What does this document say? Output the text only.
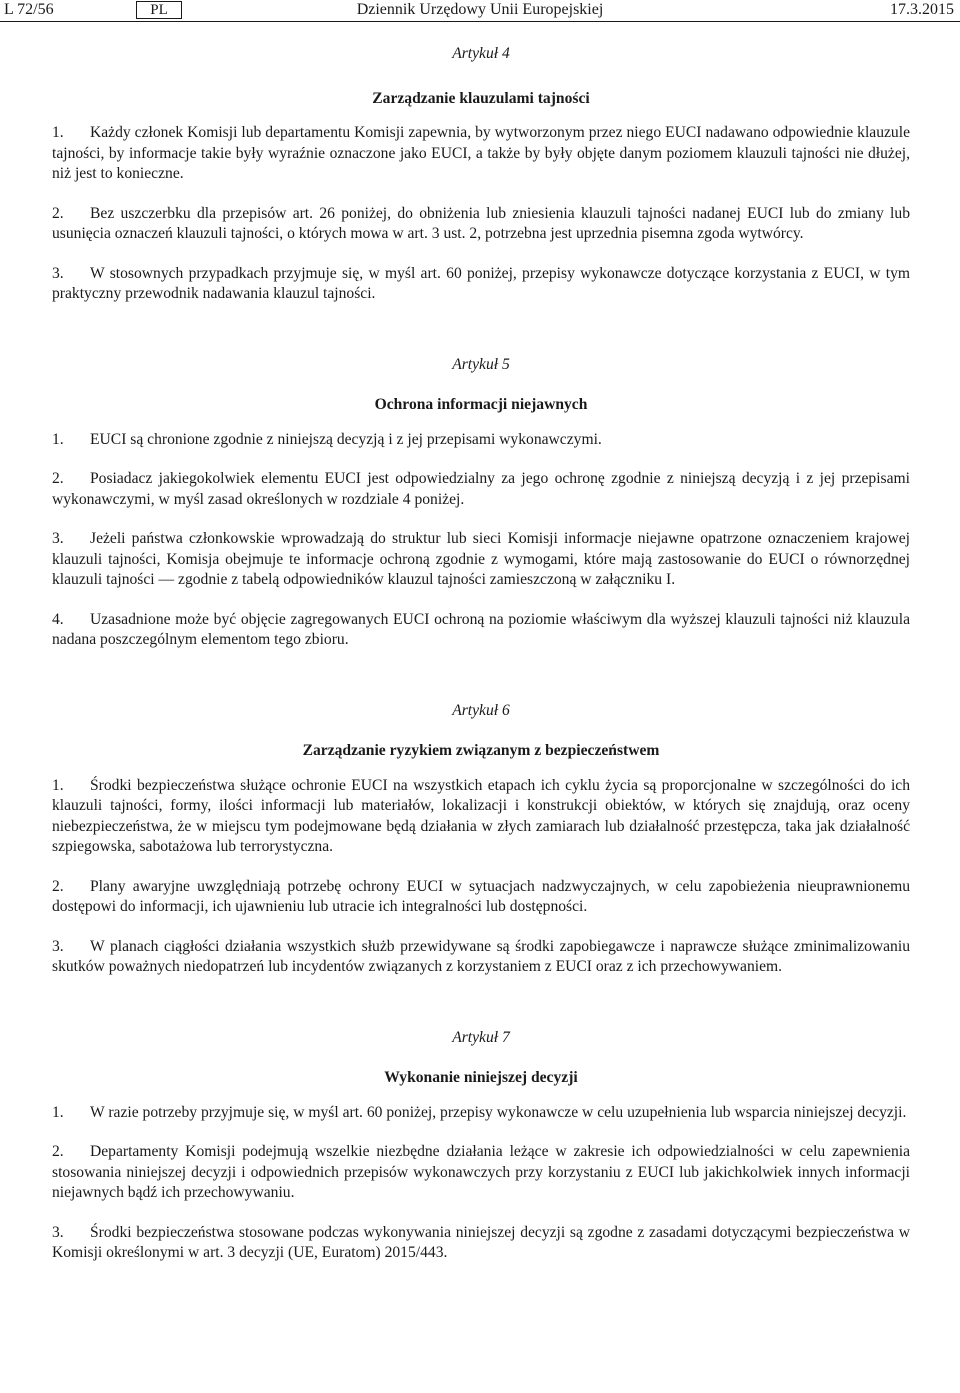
L 72/56	PL	Dziennik Urzędowy Unii Europejskiej	17.3.2015

Artykuł 4

Zarządzanie klauzulami tajności

1. Każdy członek Komisji lub departamentu Komisji zapewnia, by wytworzonym przez niego EUCI nadawano odpowiednie klauzule tajności, by informacje takie były wyraźnie oznaczone jako EUCI, a także by były objęte danym poziomem klauzuli tajności nie dłużej, niż jest to konieczne.

2. Bez uszczerbku dla przepisów art. 26 poniżej, do obniżenia lub zniesienia klauzuli tajności nadanej EUCI lub do zmiany lub usunięcia oznaczeń klauzuli tajności, o których mowa w art. 3 ust. 2, potrzebna jest uprzednia pisemna zgoda wytwórcy.

3. W stosownych przypadkach przyjmuje się, w myśl art. 60 poniżej, przepisy wykonawcze dotyczące korzystania z EUCI, w tym praktyczny przewodnik nadawania klauzul tajności.

Artykuł 5

Ochrona informacji niejawnych

1. EUCI są chronione zgodnie z niniejszą decyzją i z jej przepisami wykonawczymi.

2. Posiadacz jakiegokolwiek elementu EUCI jest odpowiedzialny za jego ochronę zgodnie z niniejszą decyzją i z jej przepisami wykonawczymi, w myśl zasad określonych w rozdziale 4 poniżej.

3. Jeżeli państwa członkowskie wprowadzają do struktur lub sieci Komisji informacje niejawne opatrzone oznaczeniem krajowej klauzuli tajności, Komisja obejmuje te informacje ochroną zgodnie z wymogami, które mają zastosowanie do EUCI o równorzędnej klauzuli tajności — zgodnie z tabelą odpowiedników klauzul tajności zamieszczoną w załączniku I.

4. Uzasadnione może być objęcie zagregowanych EUCI ochroną na poziomie właściwym dla wyższej klauzuli tajności niż klauzula nadana poszczególnym elementom tego zbioru.

Artykuł 6

Zarządzanie ryzykiem związanym z bezpieczeństwem

1. Środki bezpieczeństwa służące ochronie EUCI na wszystkich etapach ich cyklu życia są proporcjonalne w szczególności do ich klauzuli tajności, formy, ilości informacji lub materiałów, lokalizacji i konstrukcji obiektów, w których się znajdują, oraz oceny niebezpieczeństwa, że w miejscu tym podejmowane będą działania w złych zamiarach lub działalność przestępcza, taka jak działalność szpiegowska, sabotażowa lub terrorystyczna.

2. Plany awaryjne uwzględniają potrzebę ochrony EUCI w sytuacjach nadzwyczajnych, w celu zapobieżenia nieuprawnionemu dostępowi do informacji, ich ujawnieniu lub utracie ich integralności lub dostępności.

3. W planach ciągłości działania wszystkich służb przewidywane są środki zapobiegawcze i naprawcze służące zminimalizowaniu skutków poważnych niedopatrzeń lub incydentów związanych z korzystaniem z EUCI oraz z ich przechowywaniem.

Artykuł 7

Wykonanie niniejszej decyzji

1. W razie potrzeby przyjmuje się, w myśl art. 60 poniżej, przepisy wykonawcze w celu uzupełnienia lub wsparcia niniejszej decyzji.

2. Departamenty Komisji podejmują wszelkie niezbędne działania leżące w zakresie ich odpowiedzialności w celu zapewnienia stosowania niniejszej decyzji i odpowiednich przepisów wykonawczych przy korzystaniu z EUCI lub jakichkolwiek innych informacji niejawnych bądź ich przechowywaniu.

3. Środki bezpieczeństwa stosowane podczas wykonywania niniejszej decyzji są zgodne z zasadami dotyczącymi bezpieczeństwa w Komisji określonymi w art. 3 decyzji (UE, Euratom) 2015/443.
